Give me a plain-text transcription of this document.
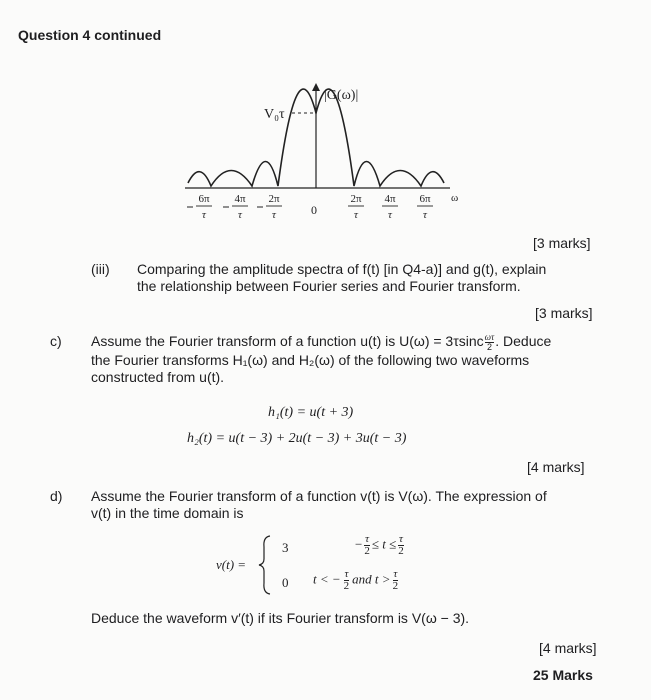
Question 4 continued
|G(ω)|
V₀τ
0
ω
6π
τ
4π
τ
2π
τ
2π
τ
4π
τ
6π
τ
[3 marks]
(iii) Comparing the amplitude spectra of f(t) [in Q4-a)] and g(t), explain
the relationship between Fourier series and Fourier transform.
[3 marks]
c) Assume the Fourier transform of a function u(t) is $U(\omega) = 3\tau\sin c \frac{\omega\tau}{2}$ . Deduce
the Fourier transforms H₁(ω) and H₂(ω) of the following two waveforms
constructed from u(t).
h₁(t) = u(t + 3)
h₂(t) = u(t − 3) + 2u(t − 3) + 3u(t − 3)
[4 marks]
d) Assume the Fourier transform of a function v(t) is V(ω). The expression of
v(t) in the time domain is
v(t) =
3
0
− $\frac{\tau}{2} \le t \le \frac{\tau}{2}$
t < − $\frac{\tau}{2}$ and $t > \frac{\tau}{2}$
Deduce the waveform v′(t) if its Fourier transform is V(ω − 3).
[4 marks]
25 Marks
